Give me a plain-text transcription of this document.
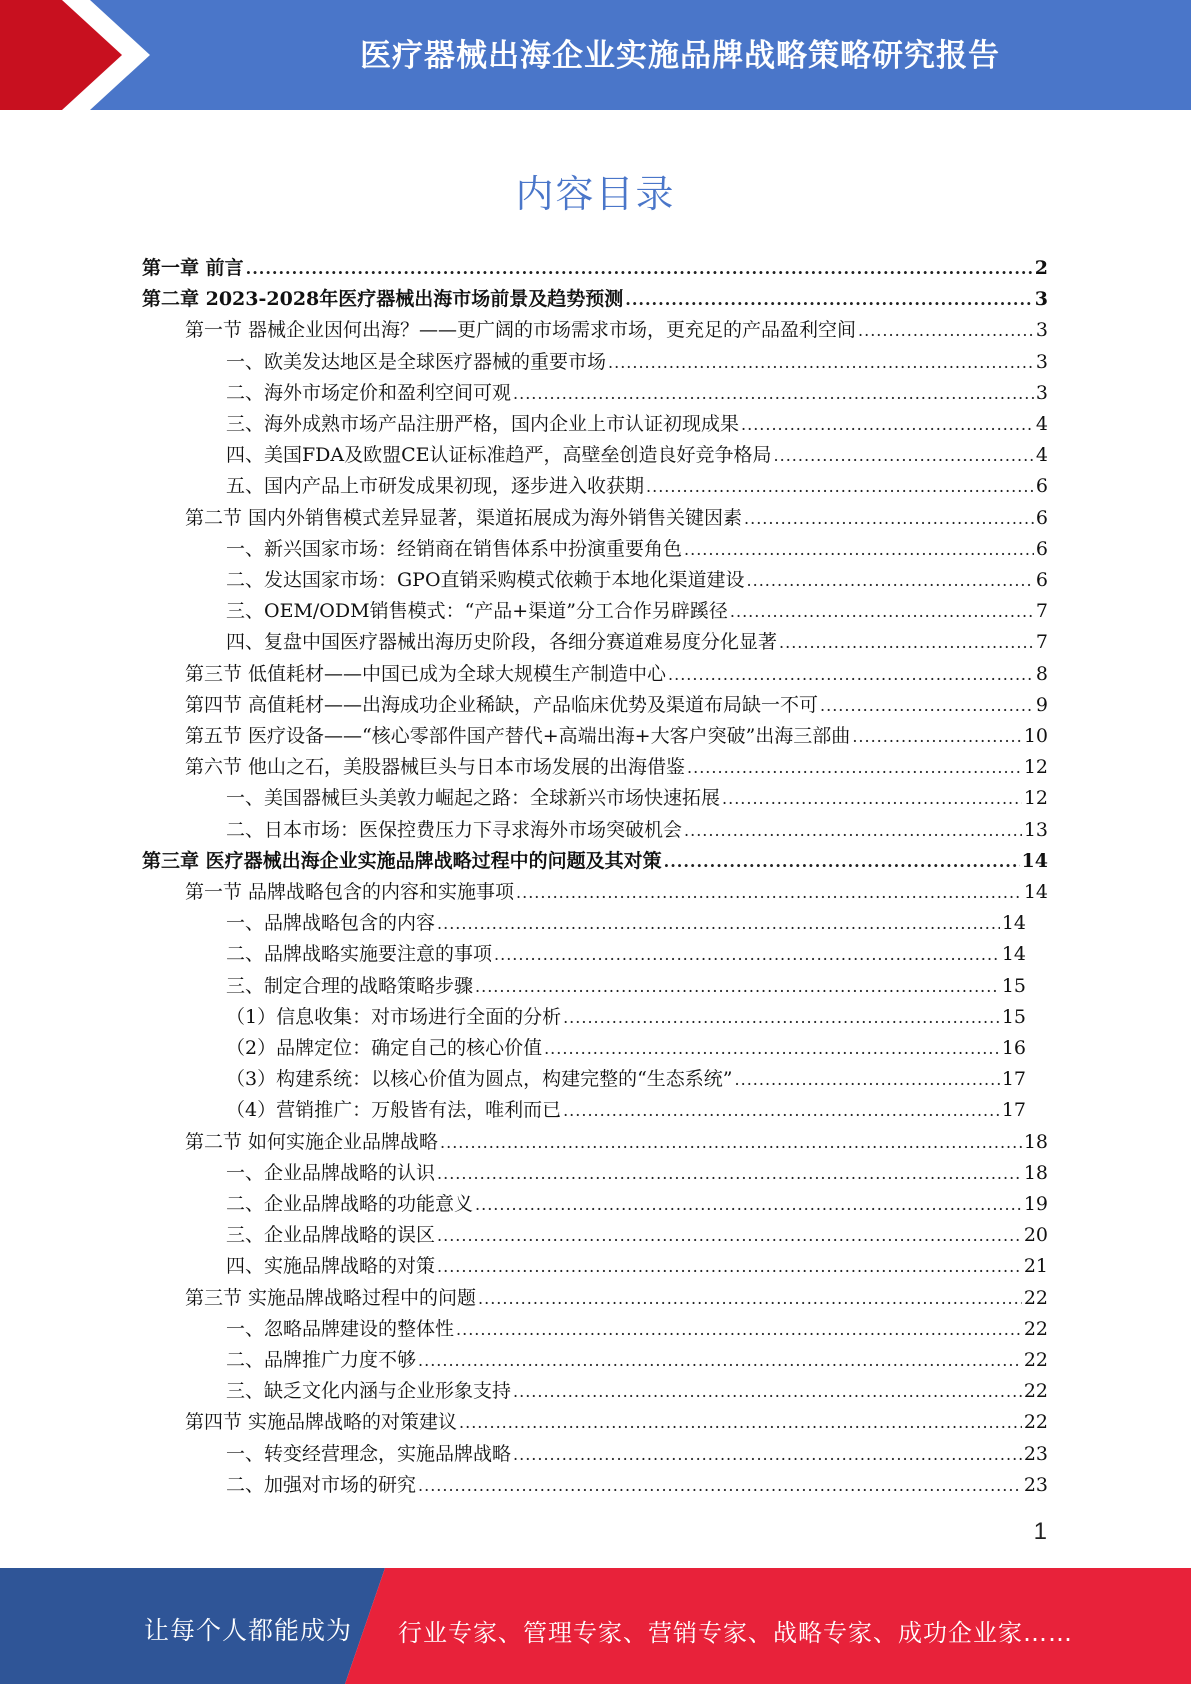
医疗器械出海企业实施品牌战略策略研究报告
内容目录
第一章 前言 .....	2
第二章 2023-2028年医疗器械出海市场前景及趋势预测 .....	3
第一节 器械企业因何出海？——更广阔的市场需求市场，更充足的产品盈利空间 .....	3
一、欧美发达地区是全球医疗器械的重要市场 .....	3
二、海外市场定价和盈利空间可观 .....	3
三、海外成熟市场产品注册严格，国内企业上市认证初现成果 .....	4
四、美国FDA及欧盟CE认证标准趋严，高壁垒创造良好竞争格局 .....	4
五、国内产品上市研发成果初现，逐步进入收获期 .....	6
第二节 国内外销售模式差异显著，渠道拓展成为海外销售关键因素 .....	6
一、新兴国家市场：经销商在销售体系中扮演重要角色 .....	6
二、发达国家市场：GPO直销采购模式依赖于本地化渠道建设 .....	6
三、OEM/ODM销售模式：“产品+渠道”分工合作另辟蹊径 .....	7
四、复盘中国医疗器械出海历史阶段，各细分赛道难易度分化显著 .....	7
第三节 低值耗材——中国已成为全球大规模生产制造中心 .....	8
第四节 高值耗材——出海成功企业稀缺，产品临床优势及渠道布局缺一不可 .....	9
第五节 医疗设备——“核心零部件国产替代+高端出海+大客户突破”出海三部曲 .....	10
第六节 他山之石，美股器械巨头与日本市场发展的出海借鉴 .....	12
一、美国器械巨头美敦力崛起之路：全球新兴市场快速拓展 .....	12
二、日本市场：医保控费压力下寻求海外市场突破机会 .....	13
第三章 医疗器械出海企业实施品牌战略过程中的问题及其对策 .....	14
第一节 品牌战略包含的内容和实施事项 .....	14
一、品牌战略包含的内容 .....	14
二、品牌战略实施要注意的事项 .....	14
三、制定合理的战略策略步骤 .....	15
（1）信息收集：对市场进行全面的分析 .....	15
（2）品牌定位：确定自己的核心价值 .....	16
（3）构建系统：以核心价值为圆点，构建完整的“生态系统” .....	17
（4）营销推广：万般皆有法，唯利而已 .....	17
第二节 如何实施企业品牌战略 .....	18
一、企业品牌战略的认识 .....	18
二、企业品牌战略的功能意义 .....	19
三、企业品牌战略的误区 .....	20
四、实施品牌战略的对策 .....	21
第三节 实施品牌战略过程中的问题 .....	22
一、忽略品牌建设的整体性 .....	22
二、品牌推广力度不够 .....	22
三、缺乏文化内涵与企业形象支持 .....	22
第四节 实施品牌战略的对策建议 .....	22
一、转变经营理念，实施品牌战略 .....	23
二、加强对市场的研究 .....	23
1
让每个人都能成为 行业专家、管理专家、营销专家、战略专家、成功企业家……
